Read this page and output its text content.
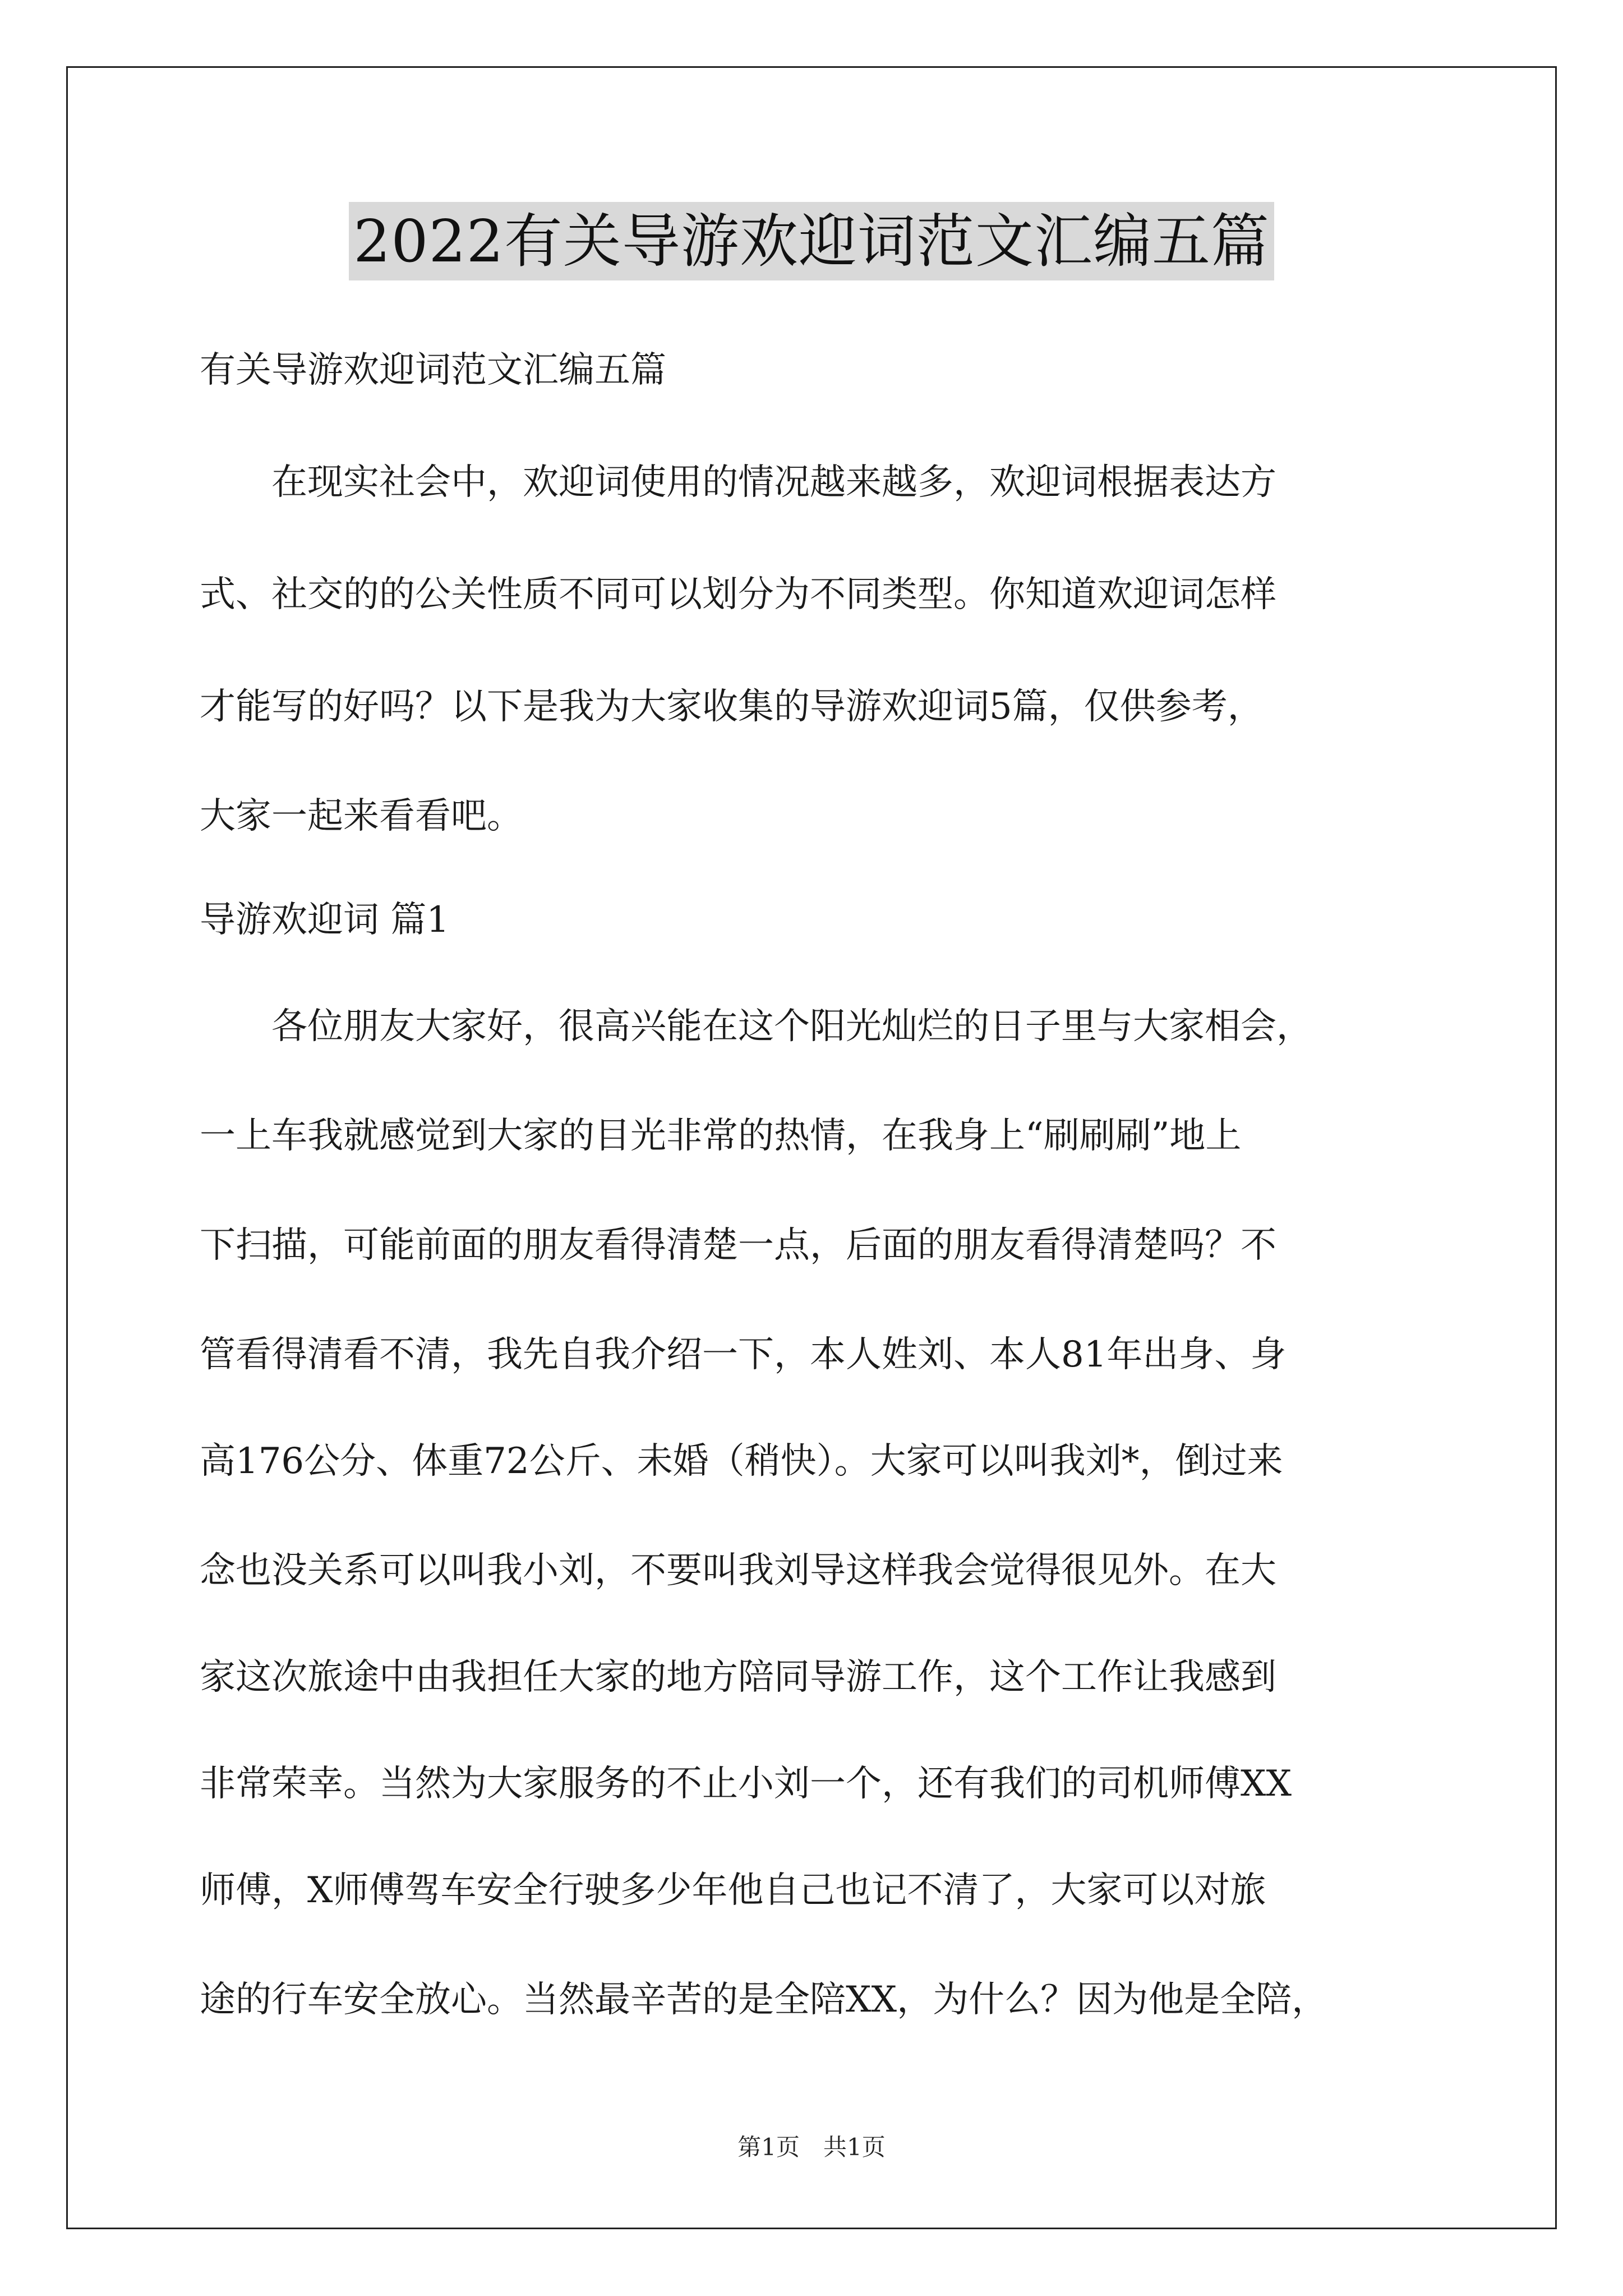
2022有关导游欢迎词范文汇编五篇
有关导游欢迎词范文汇编五篇
　　在现实社会中，欢迎词使用的情况越来越多，欢迎词根据表达方
式、社交的的公关性质不同可以划分为不同类型。你知道欢迎词怎样
才能写的好吗？以下是我为大家收集的导游欢迎词5篇，仅供参考，
大家一起来看看吧。
导游欢迎词 篇1
　　各位朋友大家好，很高兴能在这个阳光灿烂的日子里与大家相会，
一上车我就感觉到大家的目光非常的热情，在我身上“刷刷刷”地上
下扫描，可能前面的朋友看得清楚一点，后面的朋友看得清楚吗？不
管看得清看不清，我先自我介绍一下，本人姓刘、本人81年出身、身
高176公分、体重72公斤、未婚（稍快）。大家可以叫我刘*，倒过来
念也没关系可以叫我小刘，不要叫我刘导这样我会觉得很见外。在大
家这次旅途中由我担任大家的地方陪同导游工作，这个工作让我感到
非常荣幸。当然为大家服务的不止小刘一个，还有我们的司机师傅XX
师傅，X师傅驾车安全行驶多少年他自己也记不清了，大家可以对旅
途的行车安全放心。当然最辛苦的是全陪XX，为什么？因为他是全陪，
第1页　共1页
